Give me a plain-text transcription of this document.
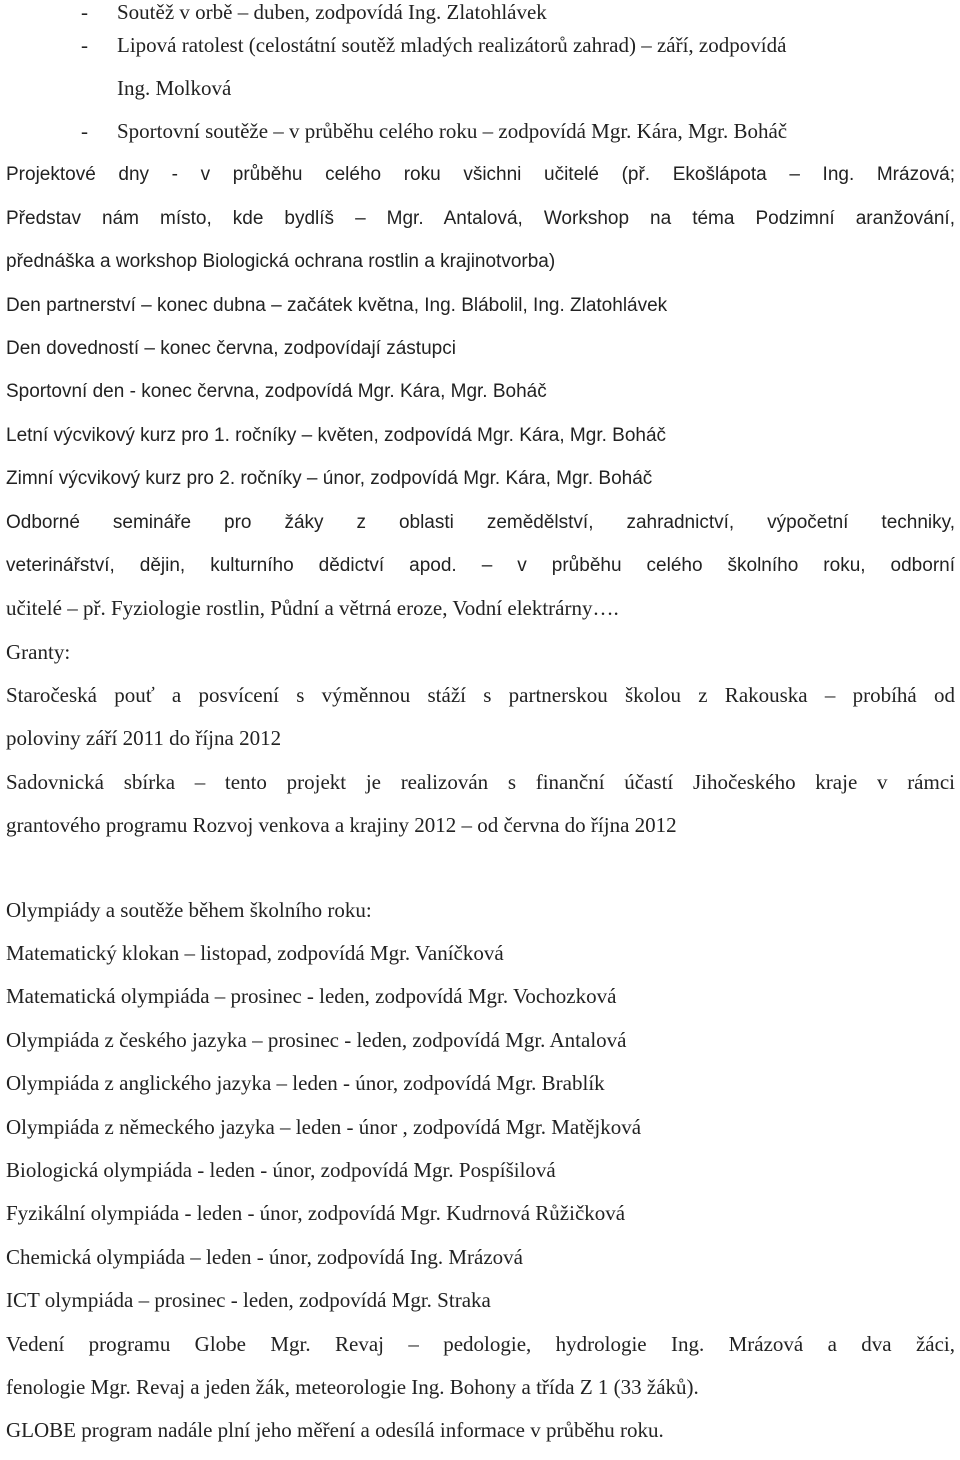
- Soutěž v orbě – duben, zodpovídá Ing. Zlatohlávek
- Lipová ratolest (celostátní soutěž mladých realizátorů zahrad) – září, zodpovídá
Ing. Molková
- Sportovní soutěže – v průběhu celého roku – zodpovídá Mgr. Kára, Mgr. Boháč
Projektové dny - v průběhu celého roku všichni učitelé (př. Ekošlápota – Ing. Mrázová;
Představ nám místo, kde bydlíš – Mgr. Antalová, Workshop na téma Podzimní aranžování,
přednáška a workshop Biologická ochrana rostlin a krajinotvorba)
Den partnerství – konec dubna – začátek května, Ing. Blábolil, Ing. Zlatohlávek
Den dovedností – konec června, zodpovídají zástupci
Sportovní den - konec června, zodpovídá Mgr. Kára, Mgr. Boháč
Letní výcvikový kurz pro 1. ročníky – květen, zodpovídá Mgr. Kára, Mgr. Boháč
Zimní výcvikový kurz pro 2. ročníky – únor, zodpovídá Mgr. Kára, Mgr. Boháč
Odborné semináře pro žáky z oblasti zemědělství, zahradnictví, výpočetní techniky,
veterinářství, dějin, kulturního dědictví apod. – v průběhu celého školního roku, odborní
učitelé – př. Fyziologie rostlin, Půdní a větrná eroze, Vodní elektrárny….
Granty:
Staročeská pouť a posvícení s výměnnou stáží s partnerskou školou z Rakouska – probíhá od
poloviny září 2011 do října 2012
Sadovnická sbírka – tento projekt je realizován s finanční účastí Jihočeského kraje v rámci
grantového programu Rozvoj venkova a krajiny 2012 – od června do října 2012
Olympiády a soutěže během školního roku:
Matematický klokan – listopad, zodpovídá Mgr. Vaníčková
Matematická olympiáda – prosinec - leden, zodpovídá Mgr. Vochozková
Olympiáda z českého jazyka – prosinec - leden, zodpovídá Mgr. Antalová
Olympiáda z anglického jazyka – leden - únor, zodpovídá Mgr. Brablík
Olympiáda z německého jazyka – leden - únor , zodpovídá Mgr. Matějková
Biologická olympiáda - leden - únor, zodpovídá Mgr. Pospíšilová
Fyzikální olympiáda - leden - únor, zodpovídá Mgr. Kudrnová Růžičková
Chemická olympiáda – leden - únor, zodpovídá Ing. Mrázová
ICT olympiáda – prosinec - leden, zodpovídá Mgr. Straka
Vedení programu Globe Mgr. Revaj – pedologie, hydrologie Ing. Mrázová a dva žáci,
fenologie Mgr. Revaj a jeden žák, meteorologie Ing. Bohony a třída Z 1 (33 žáků).
GLOBE program nadále plní jeho měření a odesílá informace v průběhu roku.
